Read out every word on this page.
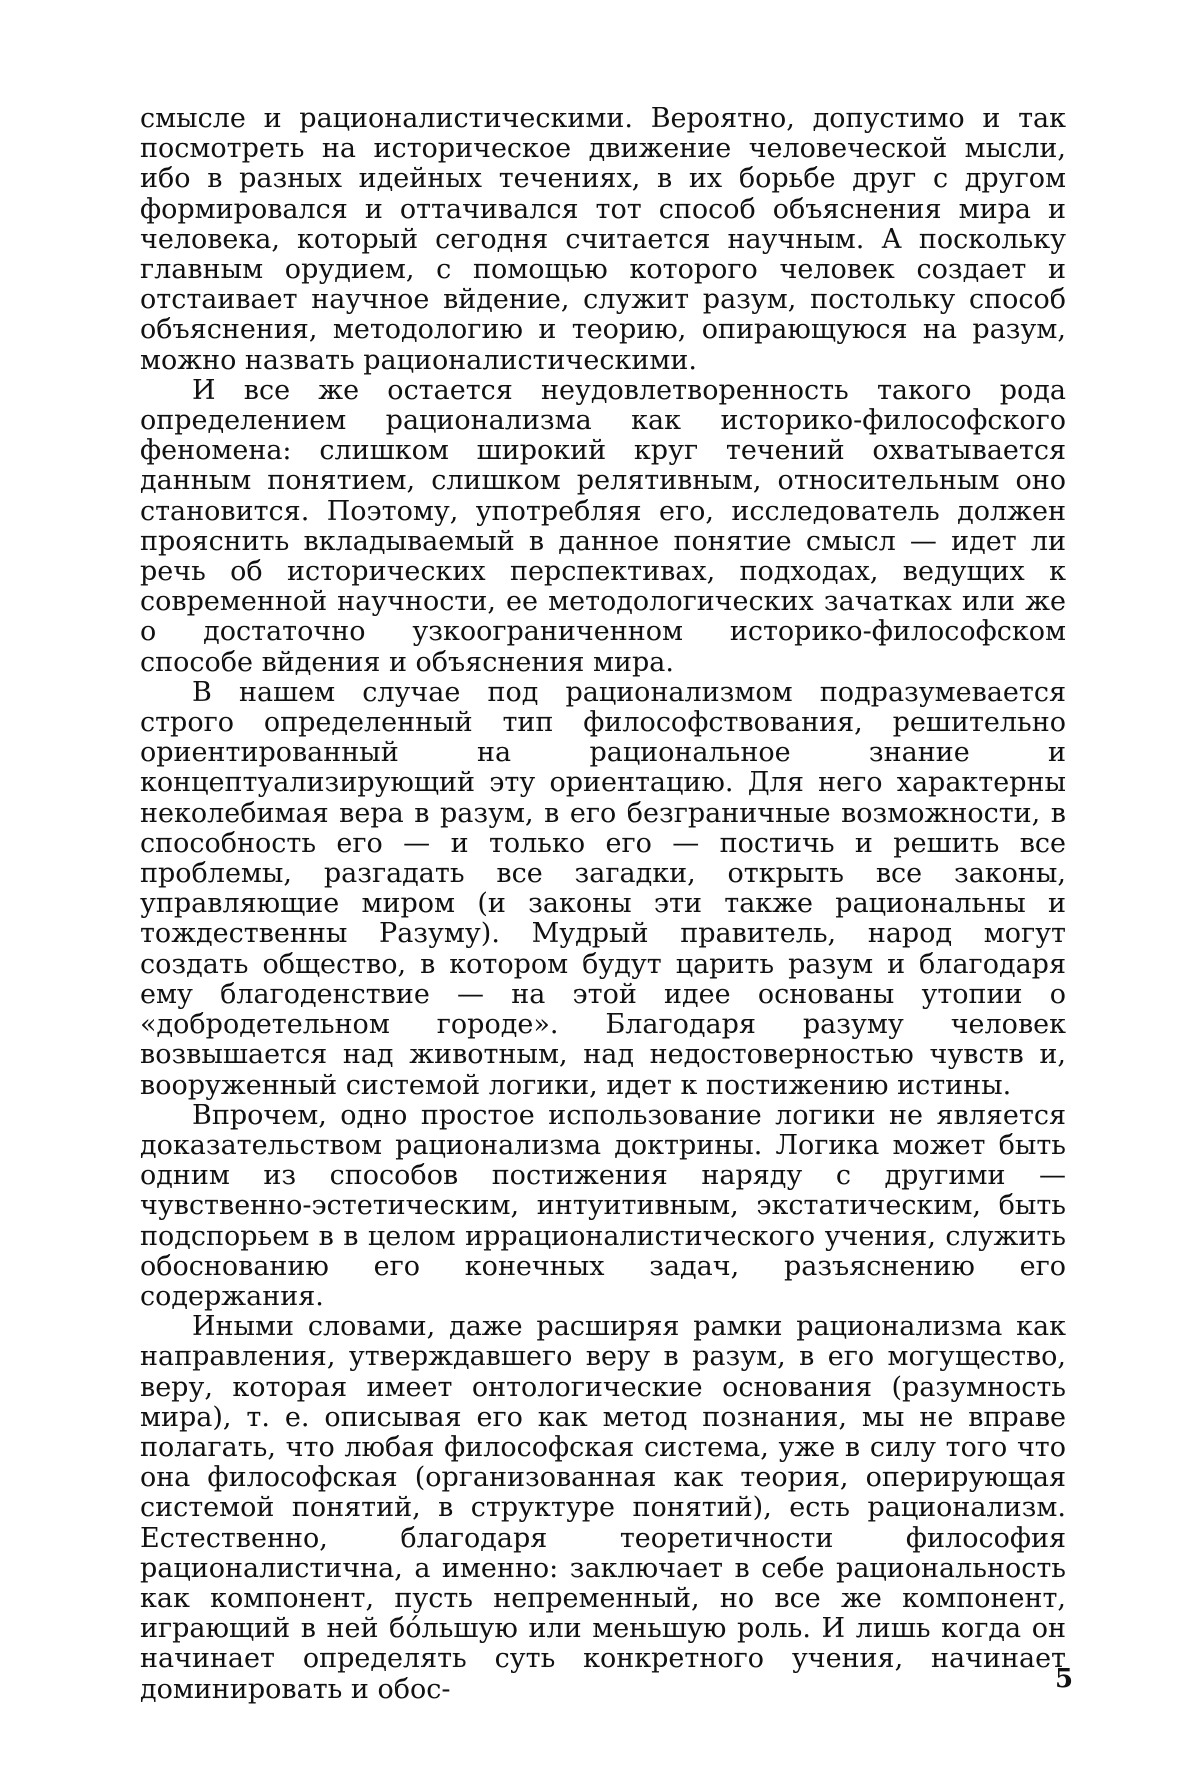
смысле и рационалистическими. Вероятно, допустимо и так посмотреть на историческое движение человеческой мысли, ибо в разных идейных течениях, в их борьбе друг с другом формировался и оттачивался тот способ объяснения мира и человека, который сегодня считается научным. А поскольку главным орудием, с помощью которого человек создает и отстаивает научное вйдение, служит разум, постольку способ объяснения, методологию и теорию, опирающуюся на разум, можно назвать рационалистическими.

И все же остается неудовлетворенность такого рода определением рационализма как историко-философского феномена: слишком широкий круг течений охватывается данным понятием, слишком релятивным, относительным оно становится. Поэтому, употребляя его, исследователь должен прояснить вкладываемый в данное понятие смысл — идет ли речь об исторических перспективах, подходах, ведущих к современной научности, ее методологических зачатках или же о достаточно узкоограниченном историко-философском способе вйдения и объяснения мира.

В нашем случае под рационализмом подразумевается строго определенный тип философствования, решительно ориентированный на рациональное знание и концептуализирующий эту ориентацию. Для него характерны неколебимая вера в разум, в его безграничные возможности, в способность его — и только его — постичь и решить все проблемы, разгадать все загадки, открыть все законы, управляющие миром (и законы эти также рациональны и тождественны Разуму). Мудрый правитель, народ могут создать общество, в котором будут царить разум и благодаря ему благоденствие — на этой идее основаны утопии о «добродетельном городе». Благодаря разуму человек возвышается над животным, над недостоверностью чувств и, вооруженный системой логики, идет к постижению истины.

Впрочем, одно простое использование логики не является доказательством рационализма доктрины. Логика может быть одним из способов постижения наряду с другими — чувственно-эстетическим, интуитивным, экстатическим, быть подспорьем в в целом иррационалистического учения, служить обоснованию его конечных задач, разъяснению его содержания.

Иными словами, даже расширяя рамки рационализма как направления, утверждавшего веру в разум, в его могущество, веру, которая имеет онтологические основания (разумность мира), т. е. описывая его как метод познания, мы не вправе полагать, что любая философская система, уже в силу того что она философская (организованная как теория, оперирующая системой понятий, в структуре понятий), есть рационализм. Естественно, благодаря теоретичности философия рационалистична, а именно: заключает в себе рациональность как компонент, пусть непременный, но все же компонент, играющий в ней бóльшую или меньшую роль. И лишь когда он начинает определять суть конкретного учения, начинает доминировать и обос-	5
